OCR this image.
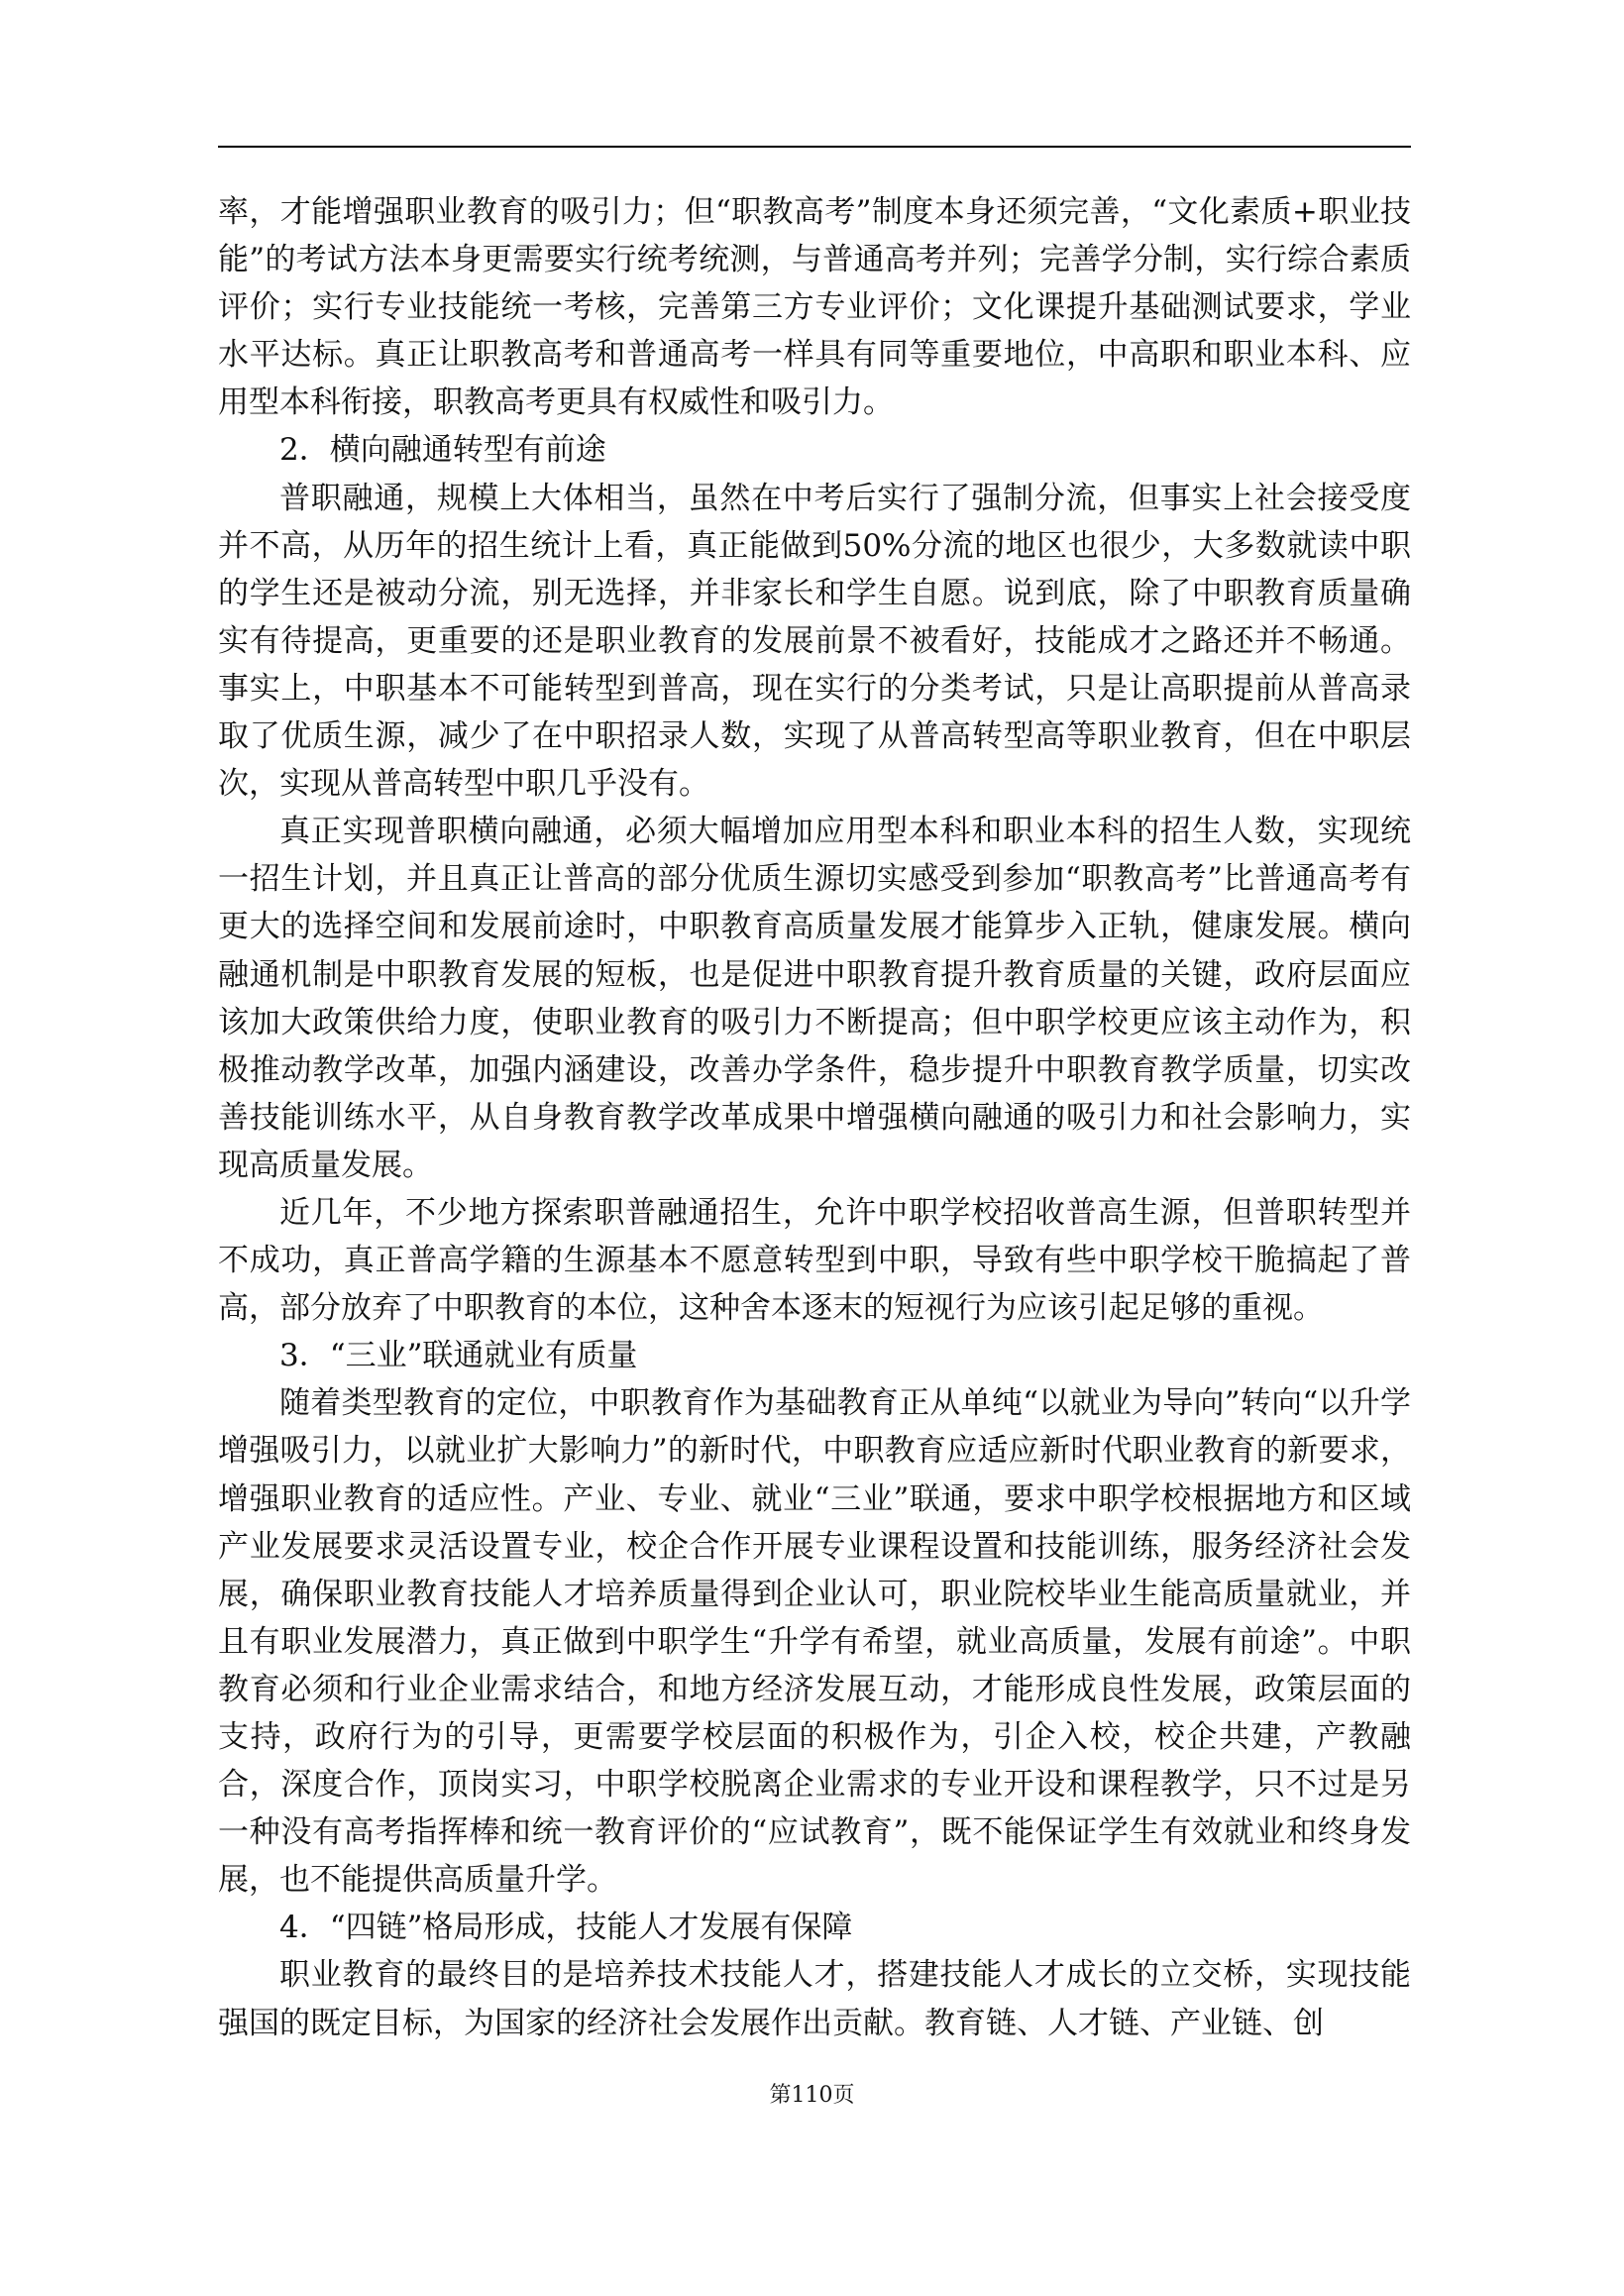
率，才能增强职业教育的吸引力；但“职教高考”制度本身还须完善，“文化素质+职业技能”的考试方法本身更需要实行统考统测，与普通高考并列；完善学分制，实行综合素质评价；实行专业技能统一考核，完善第三方专业评价；文化课提升基础测试要求，学业水平达标。真正让职教高考和普通高考一样具有同等重要地位，中高职和职业本科、应用型本科衔接，职教高考更具有权威性和吸引力。

2．横向融通转型有前途

普职融通，规模上大体相当，虽然在中考后实行了强制分流，但事实上社会接受度并不高，从历年的招生统计上看，真正能做到50%分流的地区也很少，大多数就读中职的学生还是被动分流，别无选择，并非家长和学生自愿。说到底，除了中职教育质量确实有待提高，更重要的还是职业教育的发展前景不被看好，技能成才之路还并不畅通。事实上，中职基本不可能转型到普高，现在实行的分类考试，只是让高职提前从普高录取了优质生源，减少了在中职招录人数，实现了从普高转型高等职业教育，但在中职层次，实现从普高转型中职几乎没有。

真正实现普职横向融通，必须大幅增加应用型本科和职业本科的招生人数，实现统一招生计划，并且真正让普高的部分优质生源切实感受到参加“职教高考”比普通高考有更大的选择空间和发展前途时，中职教育高质量发展才能算步入正轨，健康发展。横向融通机制是中职教育发展的短板，也是促进中职教育提升教育质量的关键，政府层面应该加大政策供给力度，使职业教育的吸引力不断提高；但中职学校更应该主动作为，积极推动教学改革，加强内涵建设，改善办学条件，稳步提升中职教育教学质量，切实改善技能训练水平，从自身教育教学改革成果中增强横向融通的吸引力和社会影响力，实现高质量发展。

近几年，不少地方探索职普融通招生，允许中职学校招收普高生源，但普职转型并不成功，真正普高学籍的生源基本不愿意转型到中职，导致有些中职学校干脆搞起了普高，部分放弃了中职教育的本位，这种舍本逐末的短视行为应该引起足够的重视。

3．“三业”联通就业有质量

随着类型教育的定位，中职教育作为基础教育正从单纯“以就业为导向”转向“以升学增强吸引力，以就业扩大影响力”的新时代，中职教育应适应新时代职业教育的新要求，增强职业教育的适应性。产业、专业、就业“三业”联通，要求中职学校根据地方和区域产业发展要求灵活设置专业，校企合作开展专业课程设置和技能训练，服务经济社会发展，确保职业教育技能人才培养质量得到企业认可，职业院校毕业生能高质量就业，并且有职业发展潜力，真正做到中职学生“升学有希望，就业高质量，发展有前途”。中职教育必须和行业企业需求结合，和地方经济发展互动，才能形成良性发展，政策层面的支持，政府行为的引导，更需要学校层面的积极作为，引企入校，校企共建，产教融合，深度合作，顶岗实习，中职学校脱离企业需求的专业开设和课程教学，只不过是另一种没有高考指挥棒和统一教育评价的“应试教育”，既不能保证学生有效就业和终身发展，也不能提供高质量升学。

4．“四链”格局形成，技能人才发展有保障

职业教育的最终目的是培养技术技能人才，搭建技能人才成长的立交桥，实现技能强国的既定目标，为国家的经济社会发展作出贡献。教育链、人才链、产业链、创

第110页
